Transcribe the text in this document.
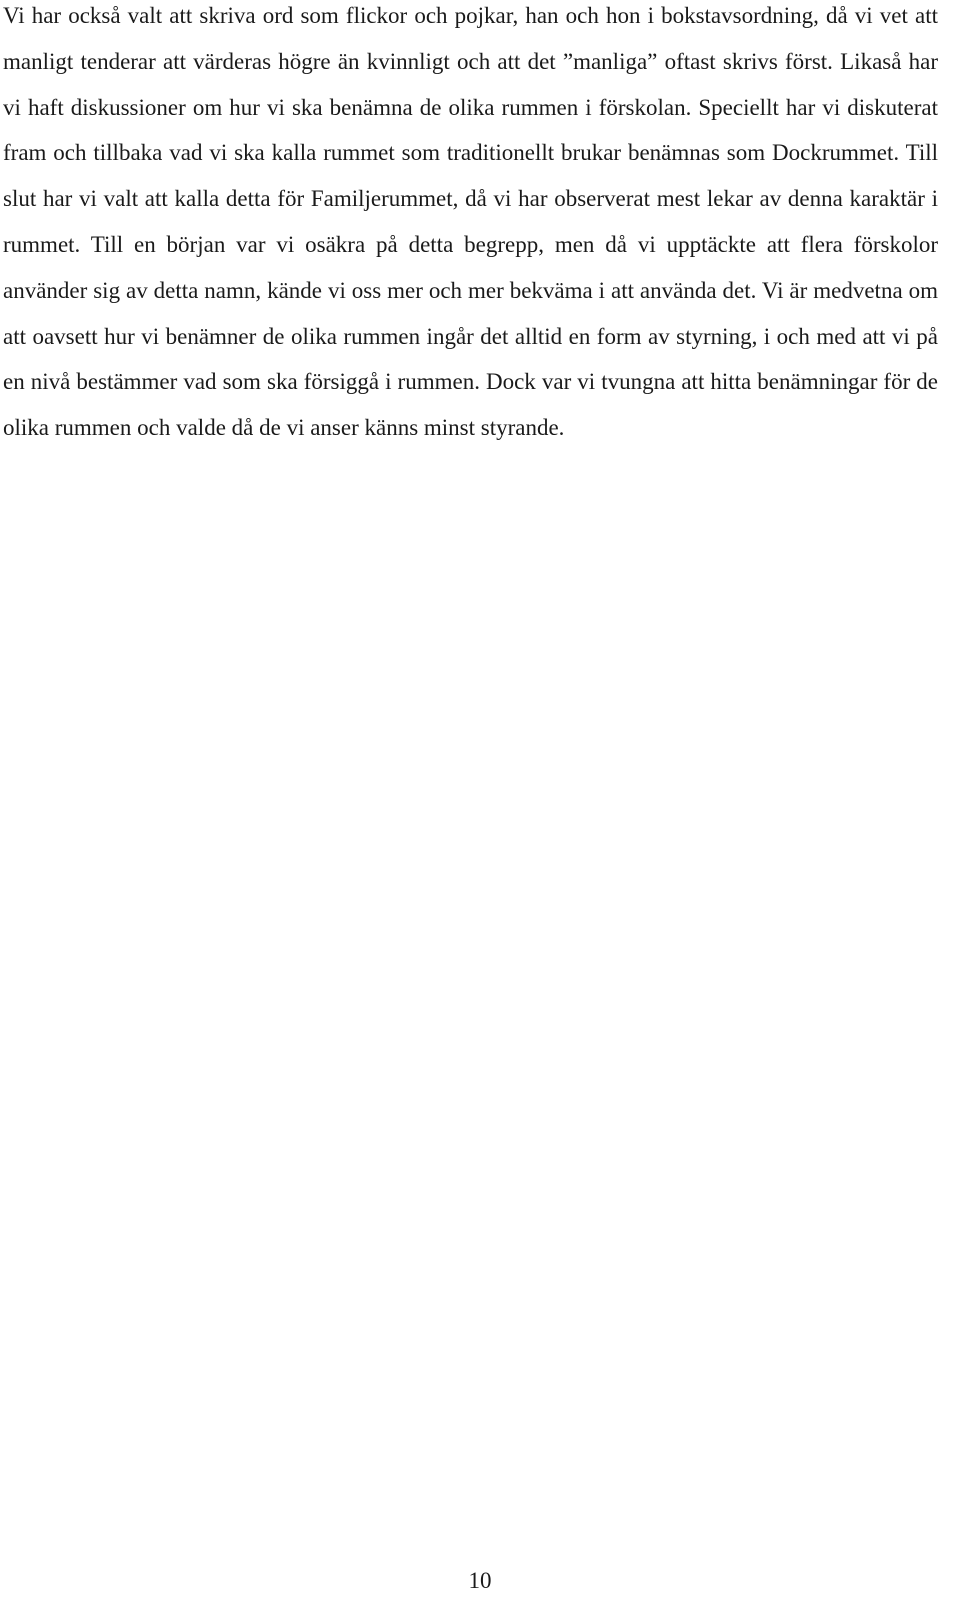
Vi har också valt att skriva ord som flickor och pojkar, han och hon i bokstavsordning, då vi vet att manligt tenderar att värderas högre än kvinnligt och att det ”manliga” oftast skrivs först. Likaså har vi haft diskussioner om hur vi ska benämna de olika rummen i förskolan. Speciellt har vi diskuterat fram och tillbaka vad vi ska kalla rummet som traditionellt brukar benämnas som Dockrummet. Till slut har vi valt att kalla detta för Familjerummet, då vi har observerat mest lekar av denna karaktär i rummet. Till en början var vi osäkra på detta begrepp, men då vi upptäckte att flera förskolor använder sig av detta namn, kände vi oss mer och mer bekväma i att använda det. Vi är medvetna om att oavsett hur vi benämner de olika rummen ingår det alltid en form av styrning, i och med att vi på en nivå bestämmer vad som ska försiggå i rummen. Dock var vi tvungna att hitta benämningar för de olika rummen och valde då de vi anser känns minst styrande.

10
